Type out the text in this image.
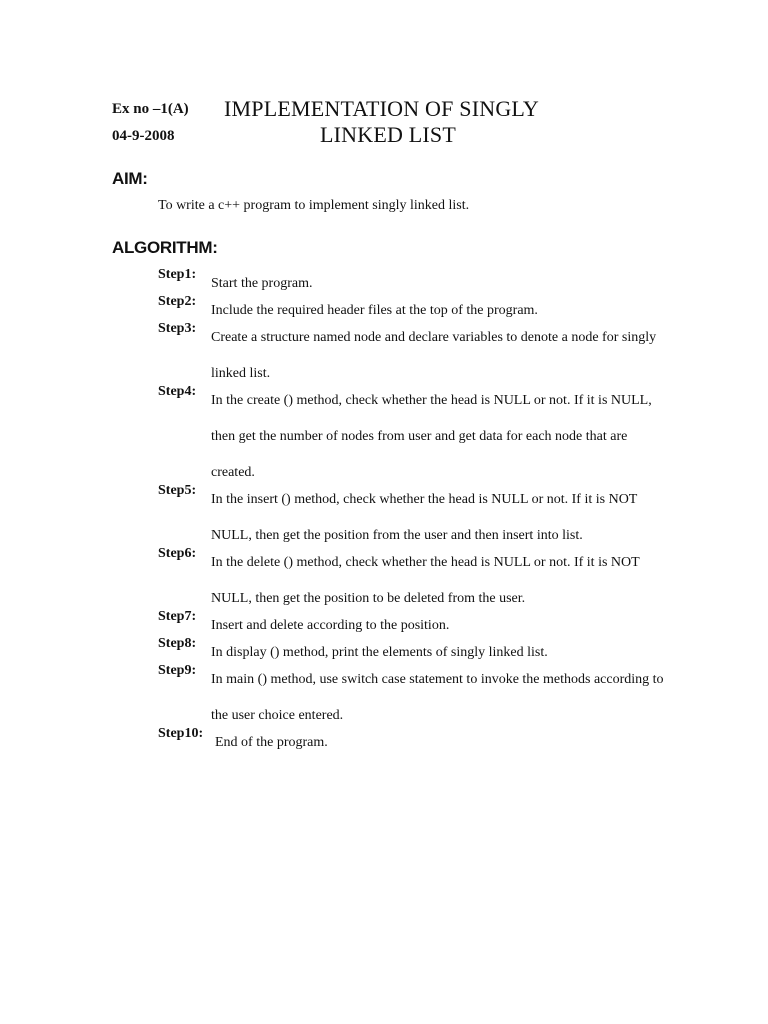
Ex no –1(A)
04-9-2008
IMPLEMENTATION OF SINGLY
LINKED LIST
AIM:
To write a c++ program to implement singly linked list.
ALGORITHM:
Step1:
Start the program.
Step2:
Include the required header files at the top of the program.
Step3:
Create a structure named node and declare variables to denote a node for singly linked list.
Step4:
In the create () method, check whether the head is NULL or not. If it is NULL, then get the number of nodes from user and get data for each node that are created.
Step5:
In the insert () method, check whether the head is NULL or not. If it is NOT NULL, then get the position from the user and then insert into list.
Step6:
In the delete () method, check whether the head is NULL or not. If it is NOT NULL, then get the position to be deleted from the user.
Step7:
Insert and delete according to the position.
Step8:
In display () method, print the elements of singly linked list.
Step9:
In main () method, use switch case statement to invoke the methods according to the user choice entered.
Step10:
End of the program.
